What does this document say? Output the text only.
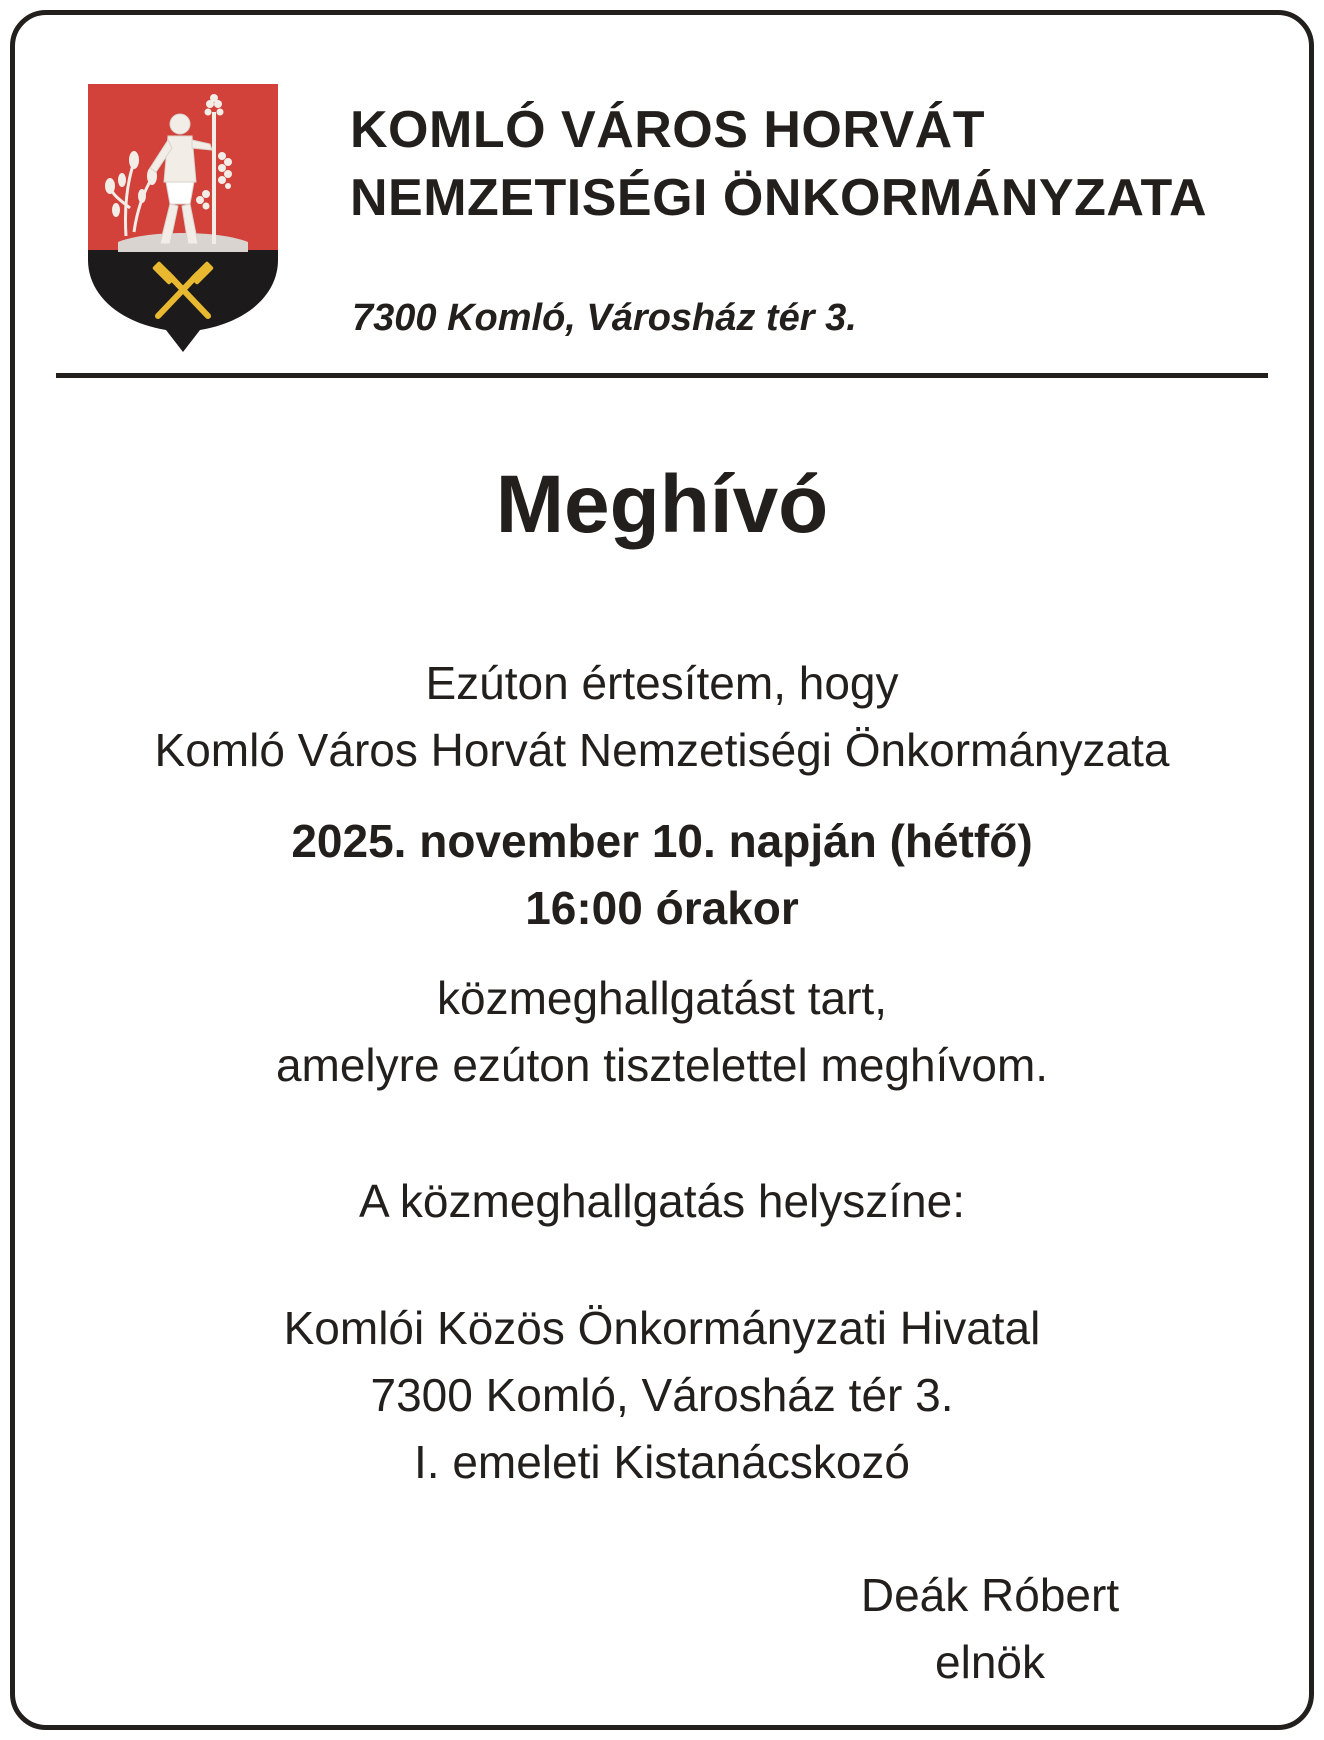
KOMLÓ VÁROS HORVÁT
NEMZETISÉGI ÖNKORMÁNYZATA
7300 Komló, Városház tér 3.
Meghívó
Ezúton értesítem, hogy
Komló Város Horvát Nemzetiségi Önkormányzata
2025. november 10. napján (hétfő)
16:00 órakor
közmeghallgatást tart,
amelyre ezúton tisztelettel meghívom.
A közmeghallgatás helyszíne:
Komlói Közös Önkormányzati Hivatal
7300 Komló, Városház tér 3.
I. emeleti Kistanácskozó
Deák Róbert
elnök
